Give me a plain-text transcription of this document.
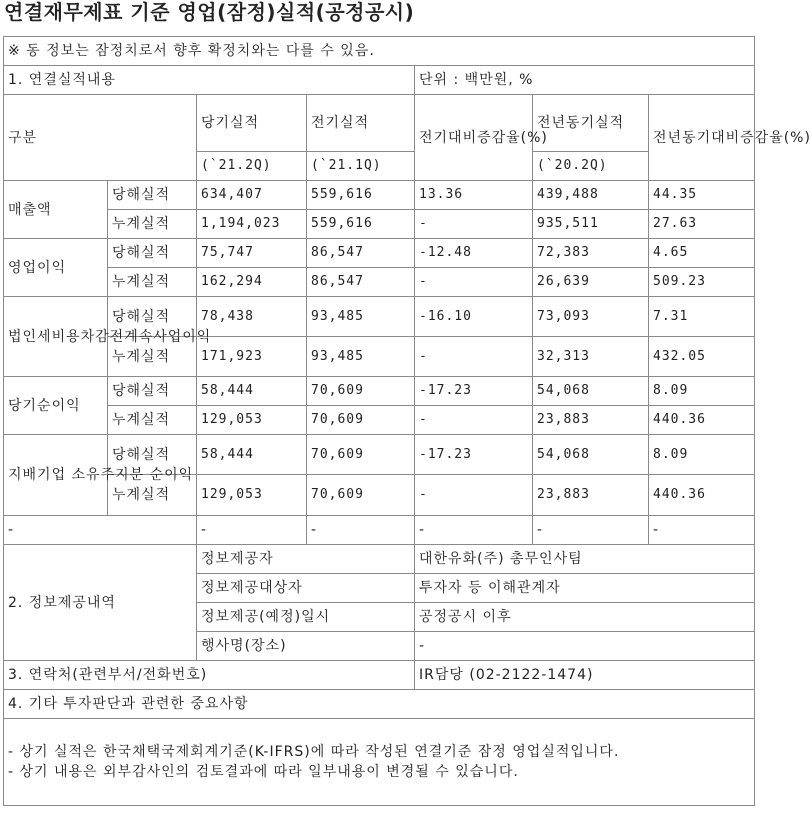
연결재무제표 기준 영업(잠정)실적(공정공시)
※ 동 정보는 잠정치로서 향후 확정치와는 다를 수 있음.						
1. 연결실적내용				단위 : 백만원, %		
구분		당기실적	전기실적	전기대비증감율(%)	전년동기실적	전년동기대비증감율(%)
		(`21.2Q)	(`21.1Q)		(`20.2Q)	
매출액	당해실적	634,407	559,616	13.36	439,488	44.35
	누계실적	1,194,023	559,616	-	935,511	27.63
영업이익	당해실적	75,747	86,547	-12.48	72,383	4.65
	누계실적	162,294	86,547	-	26,639	509.23
법인세비용차감전계속사업이익	당해실적	78,438	93,485	-16.10	73,093	7.31
	누계실적	171,923	93,485	-	32,313	432.05
당기순이익	당해실적	58,444	70,609	-17.23	54,068	8.09
	누계실적	129,053	70,609	-	23,883	440.36
지배기업 소유주지분 순이익	당해실적	58,444	70,609	-17.23	54,068	8.09
	누계실적	129,053	70,609	-	23,883	440.36
-		-	-	-	-	-
2. 정보제공내역		정보제공자		대한유화(주) 총무인사팀		
		정보제공대상자		투자자 등 이해관계자		
		정보제공(예정)일시		공정공시 이후		
		행사명(장소)		-		
3. 연락처(관련부서/전화번호)				IR담당 (02-2122-1474)		
4. 기타 투자판단과 관련한 중요사항						

- 상기 실적은 한국채택국제회계기준(K-IFRS)에 따라 작성된 연결기준 잠정 영업실적입니다.
- 상기 내용은 외부감사인의 검토결과에 따라 일부내용이 변경될 수 있습니다.						
